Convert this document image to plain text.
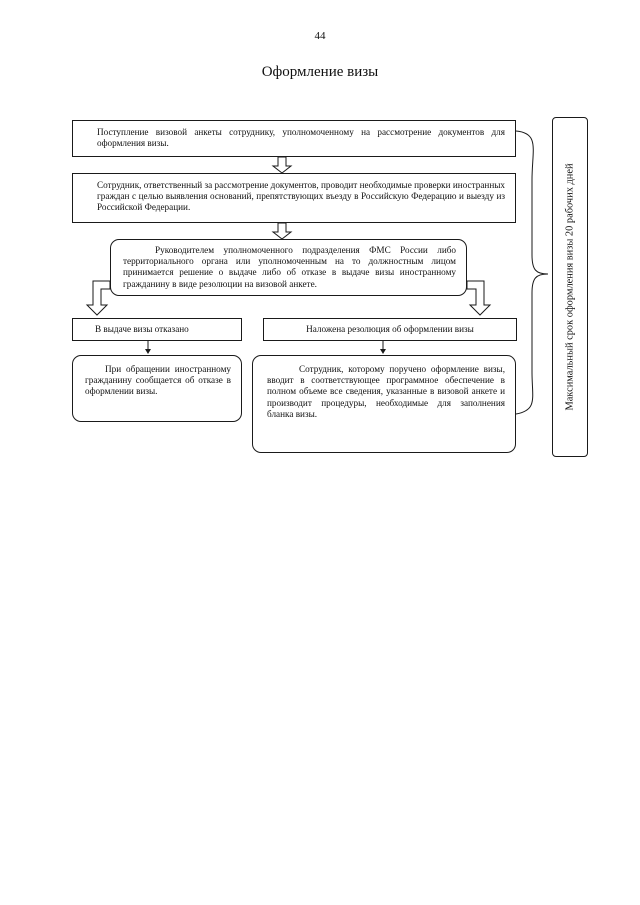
44
Оформление визы
Поступление визовой анкеты сотруднику, уполномоченному на рассмотрение документов для оформления визы.
Сотрудник, ответственный за рассмотрение документов, проводит необходимые проверки иностранных граждан с целью выявления оснований, препятствующих въезду в Российскую Федерацию и выезду из Российской Федерации.
Руководителем уполномоченного подразделения ФМС России либо территориального органа или уполномоченным на то должностным лицом принимается решение о выдаче либо об отказе в выдаче визы иностранному гражданину в виде резолюции на визовой анкете.
В выдаче визы отказано	Наложена резолюция об оформлении визы
При обращении иностранному гражданину сообщается об отказе в оформлении визы.
Сотрудник, которому поручено оформление визы, вводит в соответствующее программное обеспечение в полном объеме все сведения, указанные в визовой анкете и производит процедуры, необходимые для заполнения бланка визы.
Максимальный срок оформления визы 20 рабочих дней
